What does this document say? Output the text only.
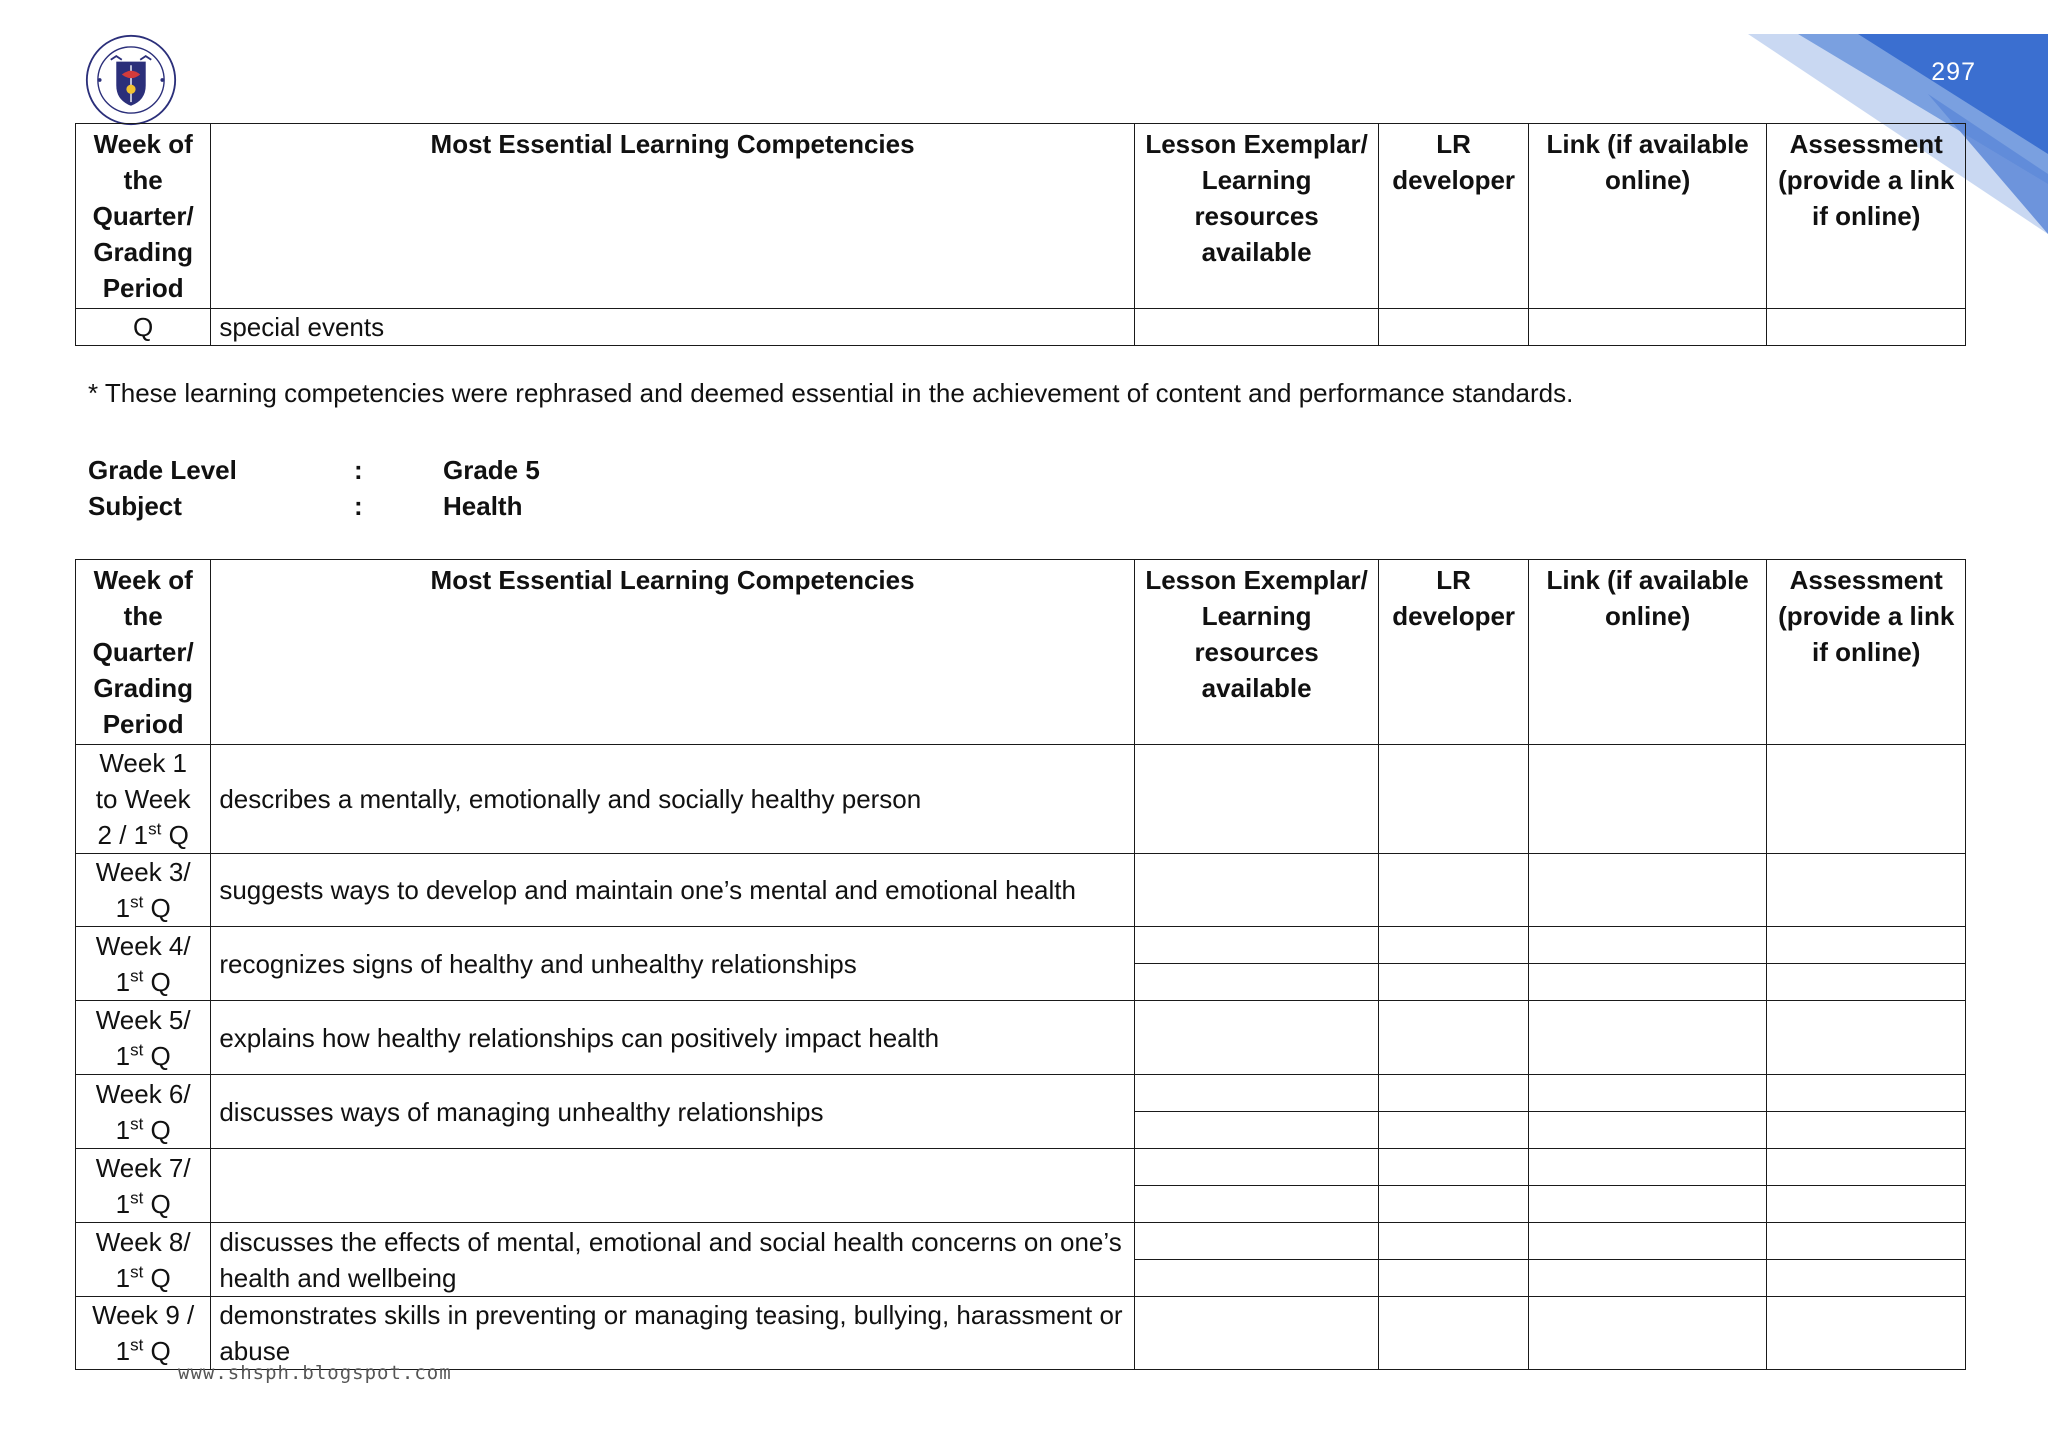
297
Week of the Quarter/ Grading Period	Most Essential Learning Competencies	Lesson Exemplar/ Learning resources available	LR developer	Link (if available online)	Assessment (provide a link if online)
Q	special events				
* These learning competencies were rephrased and deemed essential in the achievement of content and performance standards.
Grade Level	:	Grade 5
Subject	:	Health
Week of the Quarter/ Grading Period	Most Essential Learning Competencies	Lesson Exemplar/ Learning resources available	LR developer	Link (if available online)	Assessment (provide a link if online)

Week 1
to Week
2 / 1st Q	describes a mentally, emotionally and socially healthy person				

Week 3/
1st Q	suggests ways to develop and maintain one’s mental and emotional health				

Week 4/
1st Q	recognizes signs of healthy and unhealthy relationships	

Week 5/
1st Q	explains how healthy relationships can positively impact health				

Week 6/
1st Q	discusses ways of managing unhealthy relationships	

Week 7/
1st Q					

Week 8/
1st Q	discusses the effects of mental, emotional and social health concerns on one’s health and wellbeing	

Week 9 /
1st Q	demonstrates skills in preventing or managing teasing, bullying, harassment or abuse				
www.shsph.blogspot.com
